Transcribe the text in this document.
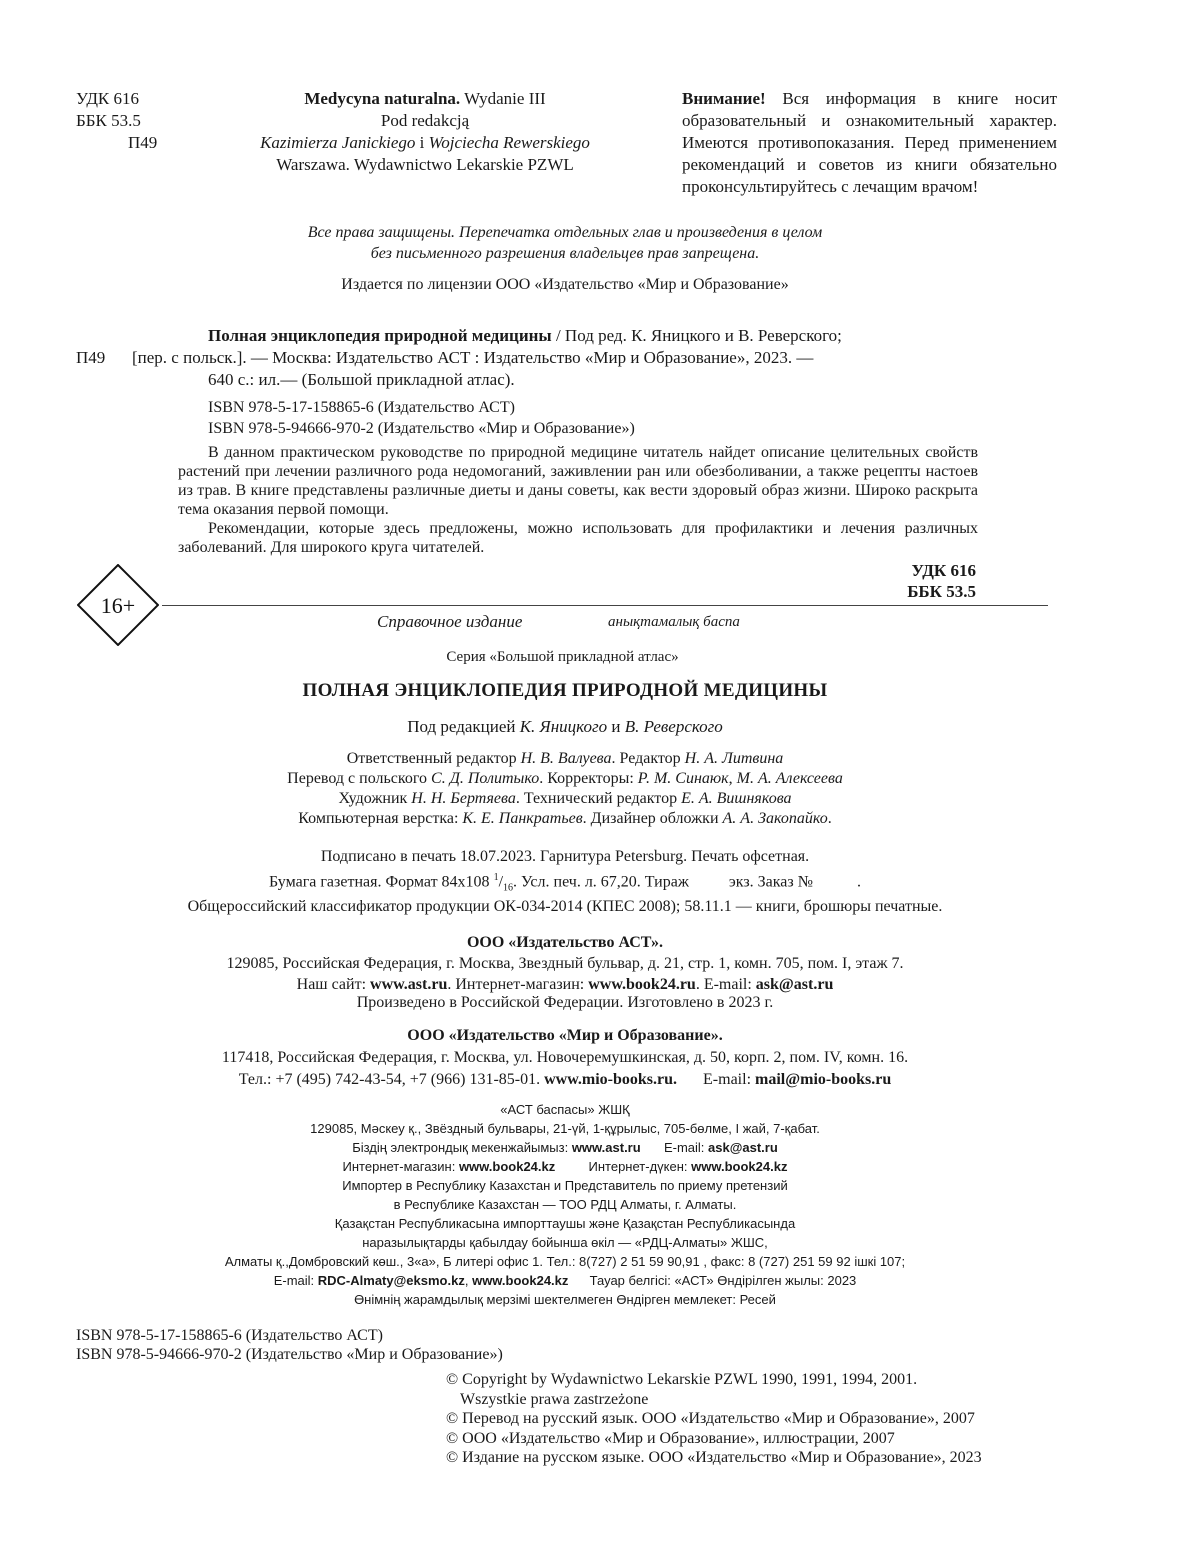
УДК 616
ББК 53.5
П49
Medycyna naturalna. Wydanie III
Pod redakcją
Kazimierza Janickiego i Wojciecha Rewerskiego
Warszawa. Wydawnictwo Lekarskie PZWL
Внимание! Вся информация в книге носит образовательный и ознакомительный характер. Имеются противопоказания. Перед применением рекомендаций и советов из книги обязательно проконсультируйтесь с лечащим врачом!
Все права защищены. Перепечатка отдельных глав и произведения в целом
без письменного разрешения владельцев прав запрещена.
Издается по лицензии ООО «Издательство «Мир и Образование»
Полная энциклопедия природной медицины / Под ред. К. Яницкого и В. Реверского;
П49	[пер. с польск.]. — Москва: Издательство АСТ : Издательство «Мир и Образование», 2023. —
640 с.: ил.— (Большой прикладной атлас).
ISBN 978-5-17-158865-6 (Издательство АСТ)
ISBN 978-5-94666-970-2 (Издательство «Мир и Образование»)

В данном практическом руководстве по природной медицине читатель найдет описание целительных свойств растений при лечении различного рода недомоганий, заживлении ран или обезболивании, а также рецепты настоев из трав. В книге представлены различные диеты и даны советы, как вести здоровый образ жизни. Широко раскрыта тема оказания первой помощи.

Рекомендации, которые здесь предложены, можно использовать для профилактики и лечения различных заболеваний. Для широкого круга читателей.

УДК 616
ББК 53.5
16+
Справочное издание	анықтамалық баспа
Серия «Большой прикладной атлас»
ПОЛНАЯ ЭНЦИКЛОПЕДИЯ ПРИРОДНОЙ МЕДИЦИНЫ
Под редакцией К. Яницкого и В. Реверского
Ответственный редактор Н. В. Валуева. Редактор Н. А. Литвина
Перевод с польского С. Д. Политыко. Корректоры: Р. М. Синаюк, М. А. Алексеева
Художник Н. Н. Бертяева. Технический редактор Е. А. Вишнякова
Компьютерная верстка: К. Е. Панкратьев. Дизайнер обложки А. А. Закопайко.
Подписано в печать 18.07.2023. Гарнитура Petersburg. Печать офсетная.
Бумага газетная. Формат 84х108 $^1/_{16}$. Усл. печ. л. 67,20. Тираж	экз. Заказ №	.
Общероссийский классификатор продукции ОК-034-2014 (КПЕС 2008); 58.11.1 — книги, брошюры печатные.
ООО «Издательство АСТ».
129085, Российская Федерация, г. Москва, Звездный бульвар, д. 21, стр. 1, комн. 705, пом. I, этаж 7.
Наш сайт: www.ast.ru. Интернет-магазин: www.book24.ru. E-mail: ask@ast.ru
Произведено в Российской Федерации. Изготовлено в 2023 г.
ООО «Издательство «Мир и Образование».
117418, Российская Федерация, г. Москва, ул. Новочеремушкинская, д. 50, корп. 2, пом. IV, комн. 16.
Тел.: +7 (495) 742-43-54, +7 (966) 131-85-01. www.mio-books.ru. E-mail: mail@mio-books.ru
«АСТ баспасы» ЖШҚ
129085, Мәскеу қ., Звёздный бульвары, 21-үй, 1-құрылыс, 705-бөлме, I жай, 7-қабат.
Біздің электрондық мекенжайымыз: www.ast.ru E-mail: ask@ast.ru
Интернет-магазин: www.book24.kz	Интернет-дүкен: www.book24.kz
Импортер в Республику Казахстан и Представитель по приему претензий
в Республике Казахстан — ТОО РДЦ Алматы, г. Алматы.
Қазақстан Республикасына импорттаушы және Қазақстан Республикасында
наразылықтарды қабылдау бойынша өкіл — «РДЦ-Алматы» ЖШС,
Алматы қ.,Домбровский көш., 3«а», Б литері офис 1. Тел.: 8(727) 2 51 59 90,91 , факс: 8 (727) 251 59 92 ішкі 107;
E-mail: RDC-Almaty@eksmo.kz, www.book24.kz Тауар белгісі: «АСТ» Өндірілген жылы: 2023
Өнімнің жарамдылық мерзімі шектелмеген Өндірген мемлекет: Ресей
ISBN 978-5-17-158865-6 (Издательство АСТ)
ISBN 978-5-94666-970-2 (Издательство «Мир и Образование»)
© Copyright by Wydawnictwo Lekarskie PZWL 1990, 1991, 1994, 2001.
Wszystkie prawa zastrzeżone
© Перевод на русский язык. ООО «Издательство «Мир и Образование», 2007
© ООО «Издательство «Мир и Образование», иллюстрации, 2007
© Издание на русском языке. ООО «Издательство «Мир и Образование», 2023
